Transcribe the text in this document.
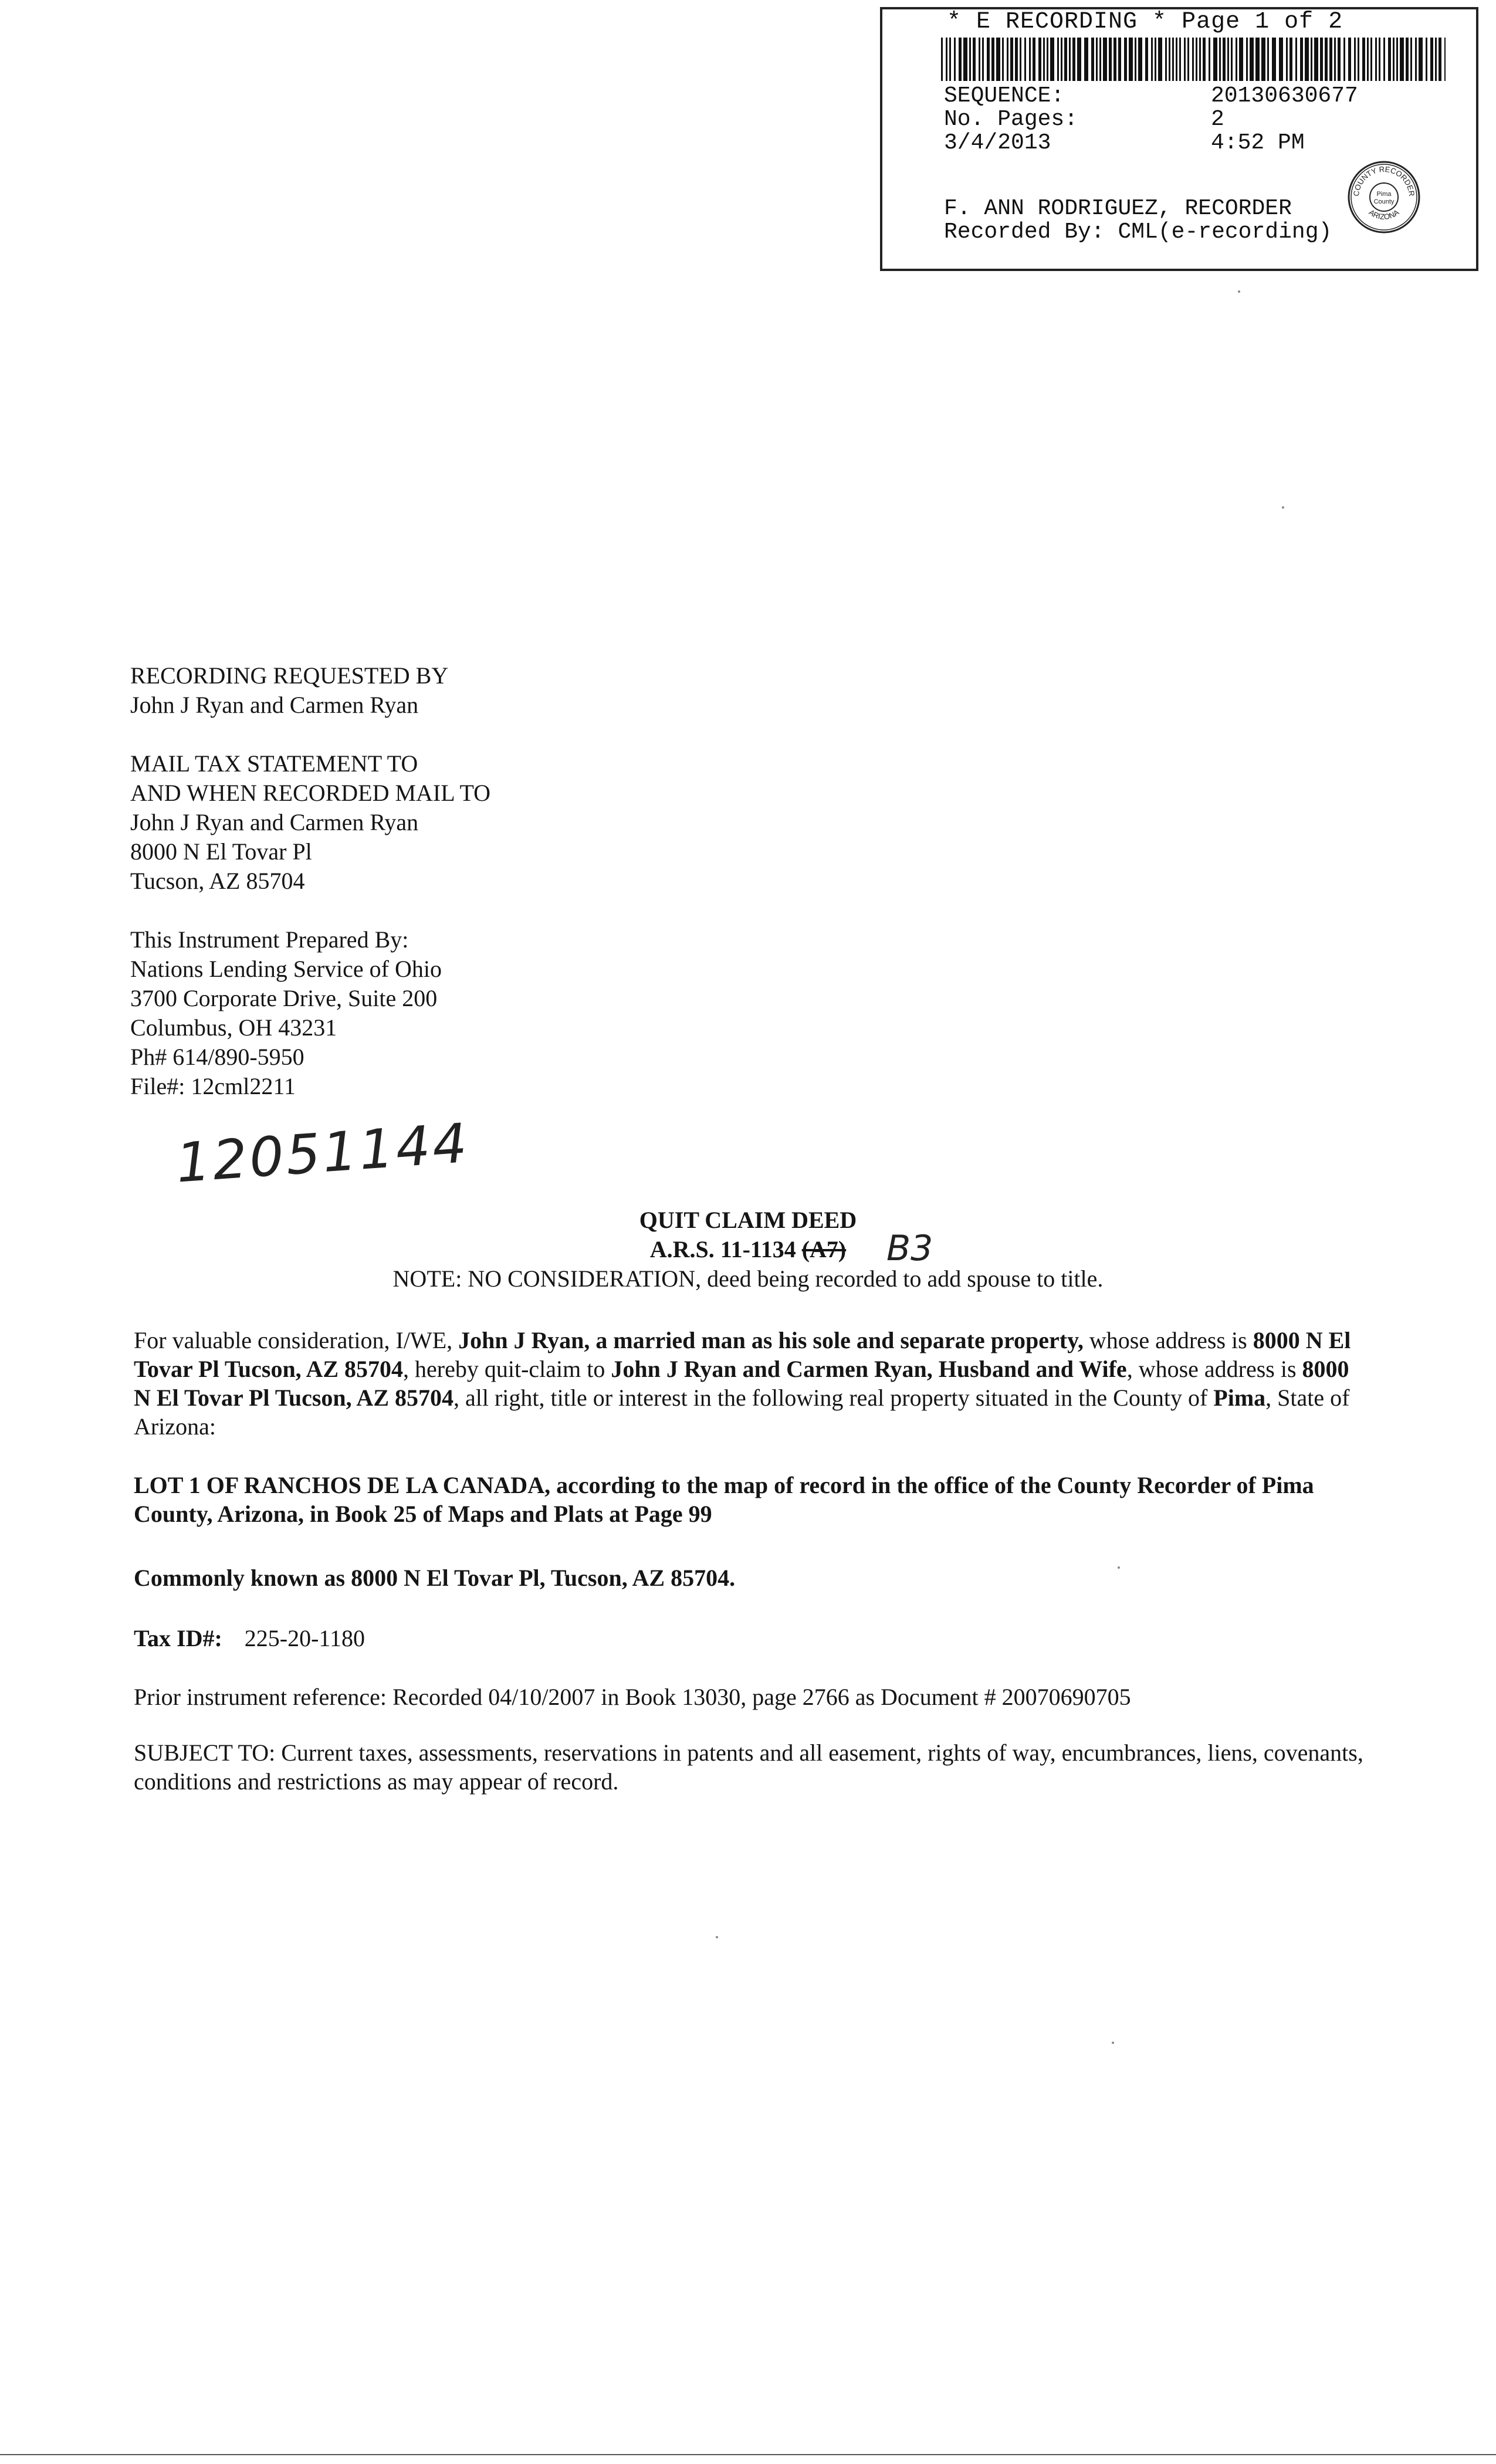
* E RECORDING * Page 1 of 2
SEQUENCE:	20130630677
No. Pages:	2
3/4/2013	4:52 PM
F. ANN RODRIGUEZ, RECORDER
Recorded By: CML(e-recording)
COUNTY RECORDER
ARIZONA
Pima
County
RECORDING REQUESTED BY
John J Ryan and Carmen Ryan
MAIL TAX STATEMENT TO
AND WHEN RECORDED MAIL TO
John J Ryan and Carmen Ryan
8000 N El Tovar Pl
Tucson, AZ 85704
This Instrument Prepared By:
Nations Lending Service of Ohio
3700 Corporate Drive, Suite 200
Columbus, OH 43231
Ph# 614/890-5950
File#: 12cml2211
12051144
QUIT CLAIM DEED
A.R.S. 11-1134 (A7)
NOTE: NO CONSIDERATION, deed being recorded to add spouse to title.
B3
For valuable consideration, I/WE, John J Ryan, a married man as his sole and separate property, whose address is 8000 N El Tovar Pl Tucson, AZ 85704, hereby quit-claim to John J Ryan and Carmen Ryan, Husband and Wife, whose address is 8000 N El Tovar Pl Tucson, AZ 85704, all right, title or interest in the following real property situated in the County of Pima, State of Arizona:
LOT 1 OF RANCHOS DE LA CANADA, according to the map of record in the office of the County Recorder of Pima County, Arizona, in Book 25 of Maps and Plats at Page 99
Commonly known as 8000 N El Tovar Pl, Tucson, AZ 85704.
Tax ID#: 225-20-1180
Prior instrument reference: Recorded 04/10/2007 in Book 13030, page 2766 as Document # 20070690705
SUBJECT TO: Current taxes, assessments, reservations in patents and all easement, rights of way, encumbrances, liens, covenants, conditions and restrictions as may appear of record.
